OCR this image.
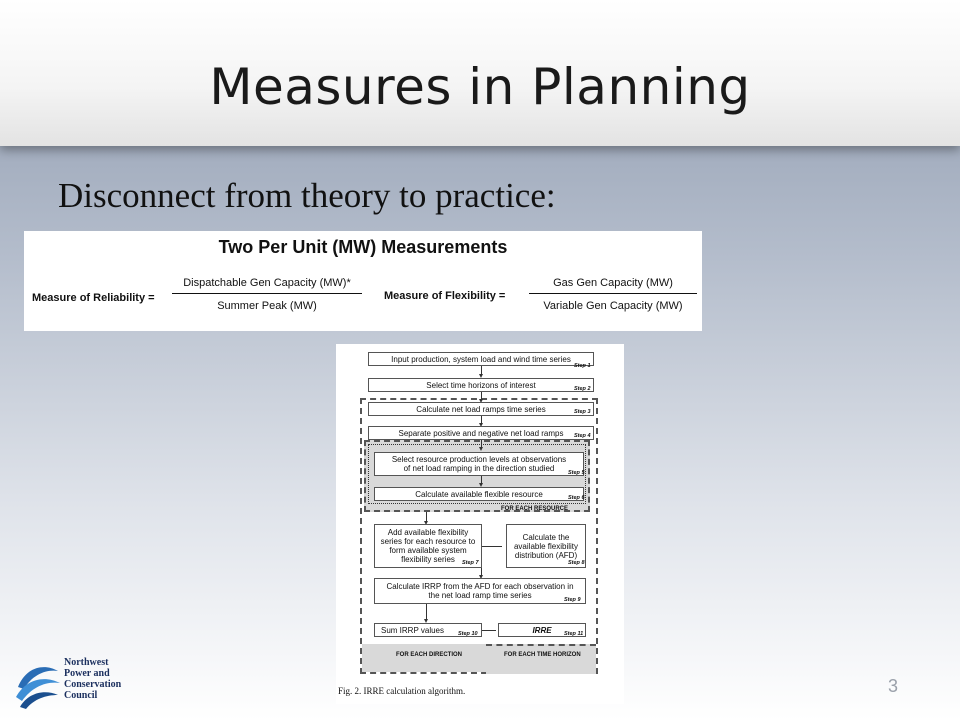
Measures in Planning
Disconnect from theory to practice:
Two Per Unit (MW) Measurements
Measure of Reliability =
Dispatchable Gen Capacity (MW)*
Summer Peak (MW)
Measure of Flexibility =
Gas Gen Capacity (MW)
Variable Gen Capacity (MW)
FOR EACH RESOURCE
FOR EACH DIRECTION	FOR EACH TIME HORIZON
Input production, system load and wind time series
Step 1
Select time horizons of interest	Step 2
Calculate net load ramps time series	Step 3
Separate positive and negative net load ramps	Step 4
Select resource production levels at observations of net load ramping in the direction studied	Step 5
Calculate available flexible resource	Step 6
Add available flexibility series for each resource to form available system flexibility series	Step 7
Calculate the available flexibility distribution (AFD)
Step 8
Calculate IRRP from the AFD for each observation in the net load ramp time series	Step 9
Sum IRRP values	Step 10	IRRE	Step 11
Fig. 2. IRRE calculation algorithm.
Northwest
Power and
Conservation
Council	3
